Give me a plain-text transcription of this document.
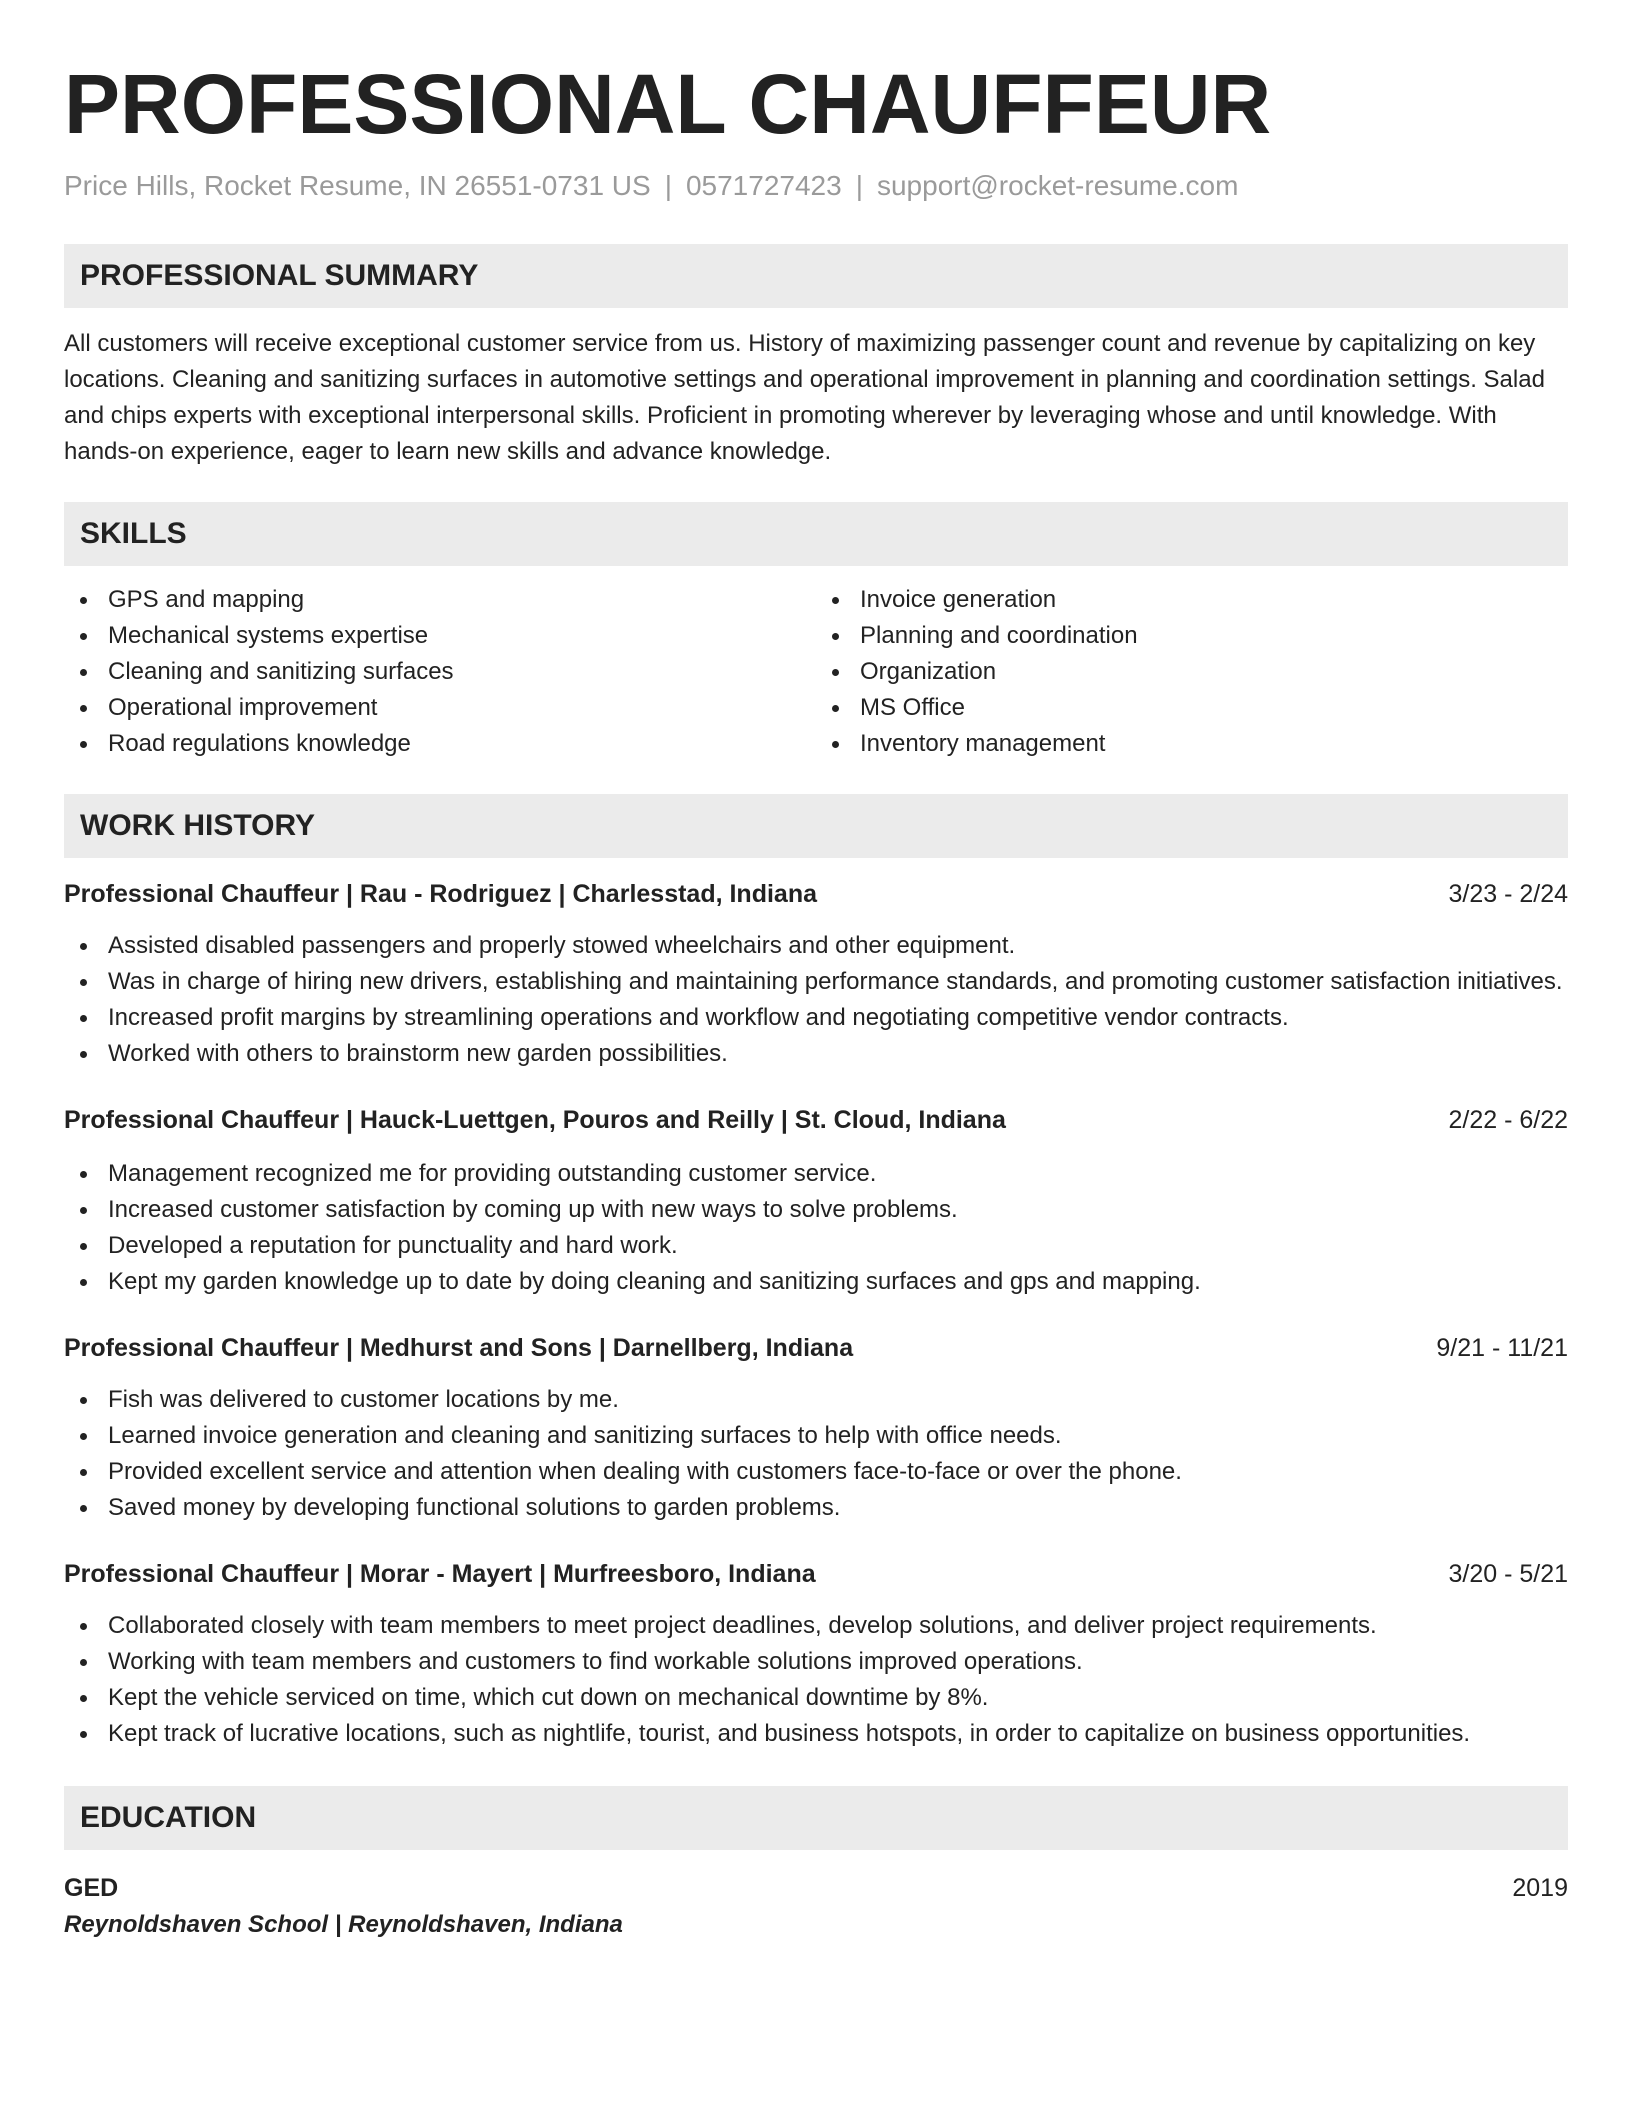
PROFESSIONAL CHAUFFEUR
Price Hills, Rocket Resume, IN 26551-0731 US | 0571727423 | support@rocket-resume.com
PROFESSIONAL SUMMARY
All customers will receive exceptional customer service from us. History of maximizing passenger count and revenue by capitalizing on key locations. Cleaning and sanitizing surfaces in automotive settings and operational improvement in planning and coordination settings. Salad and chips experts with exceptional interpersonal skills. Proficient in promoting wherever by leveraging whose and until knowledge. With hands-on experience, eager to learn new skills and advance knowledge.
SKILLS
GPS and mapping
Mechanical systems expertise
Cleaning and sanitizing surfaces
Operational improvement
Road regulations knowledge
Invoice generation
Planning and coordination
Organization
MS Office
Inventory management
WORK HISTORY
Professional Chauffeur | Rau - Rodriguez | Charlesstad, Indiana	3/23 - 2/24
Assisted disabled passengers and properly stowed wheelchairs and other equipment.
Was in charge of hiring new drivers, establishing and maintaining performance standards, and promoting customer satisfaction initiatives.
Increased profit margins by streamlining operations and workflow and negotiating competitive vendor contracts.
Worked with others to brainstorm new garden possibilities.
Professional Chauffeur | Hauck-Luettgen, Pouros and Reilly | St. Cloud, Indiana	2/22 - 6/22
Management recognized me for providing outstanding customer service.
Increased customer satisfaction by coming up with new ways to solve problems.
Developed a reputation for punctuality and hard work.
Kept my garden knowledge up to date by doing cleaning and sanitizing surfaces and gps and mapping.
Professional Chauffeur | Medhurst and Sons | Darnellberg, Indiana	9/21 - 11/21
Fish was delivered to customer locations by me.
Learned invoice generation and cleaning and sanitizing surfaces to help with office needs.
Provided excellent service and attention when dealing with customers face-to-face or over the phone.
Saved money by developing functional solutions to garden problems.
Professional Chauffeur | Morar - Mayert | Murfreesboro, Indiana	3/20 - 5/21
Collaborated closely with team members to meet project deadlines, develop solutions, and deliver project requirements.
Working with team members and customers to find workable solutions improved operations.
Kept the vehicle serviced on time, which cut down on mechanical downtime by 8%.
Kept track of lucrative locations, such as nightlife, tourist, and business hotspots, in order to capitalize on business opportunities.
EDUCATION
GED	2019
Reynoldshaven School | Reynoldshaven, Indiana
